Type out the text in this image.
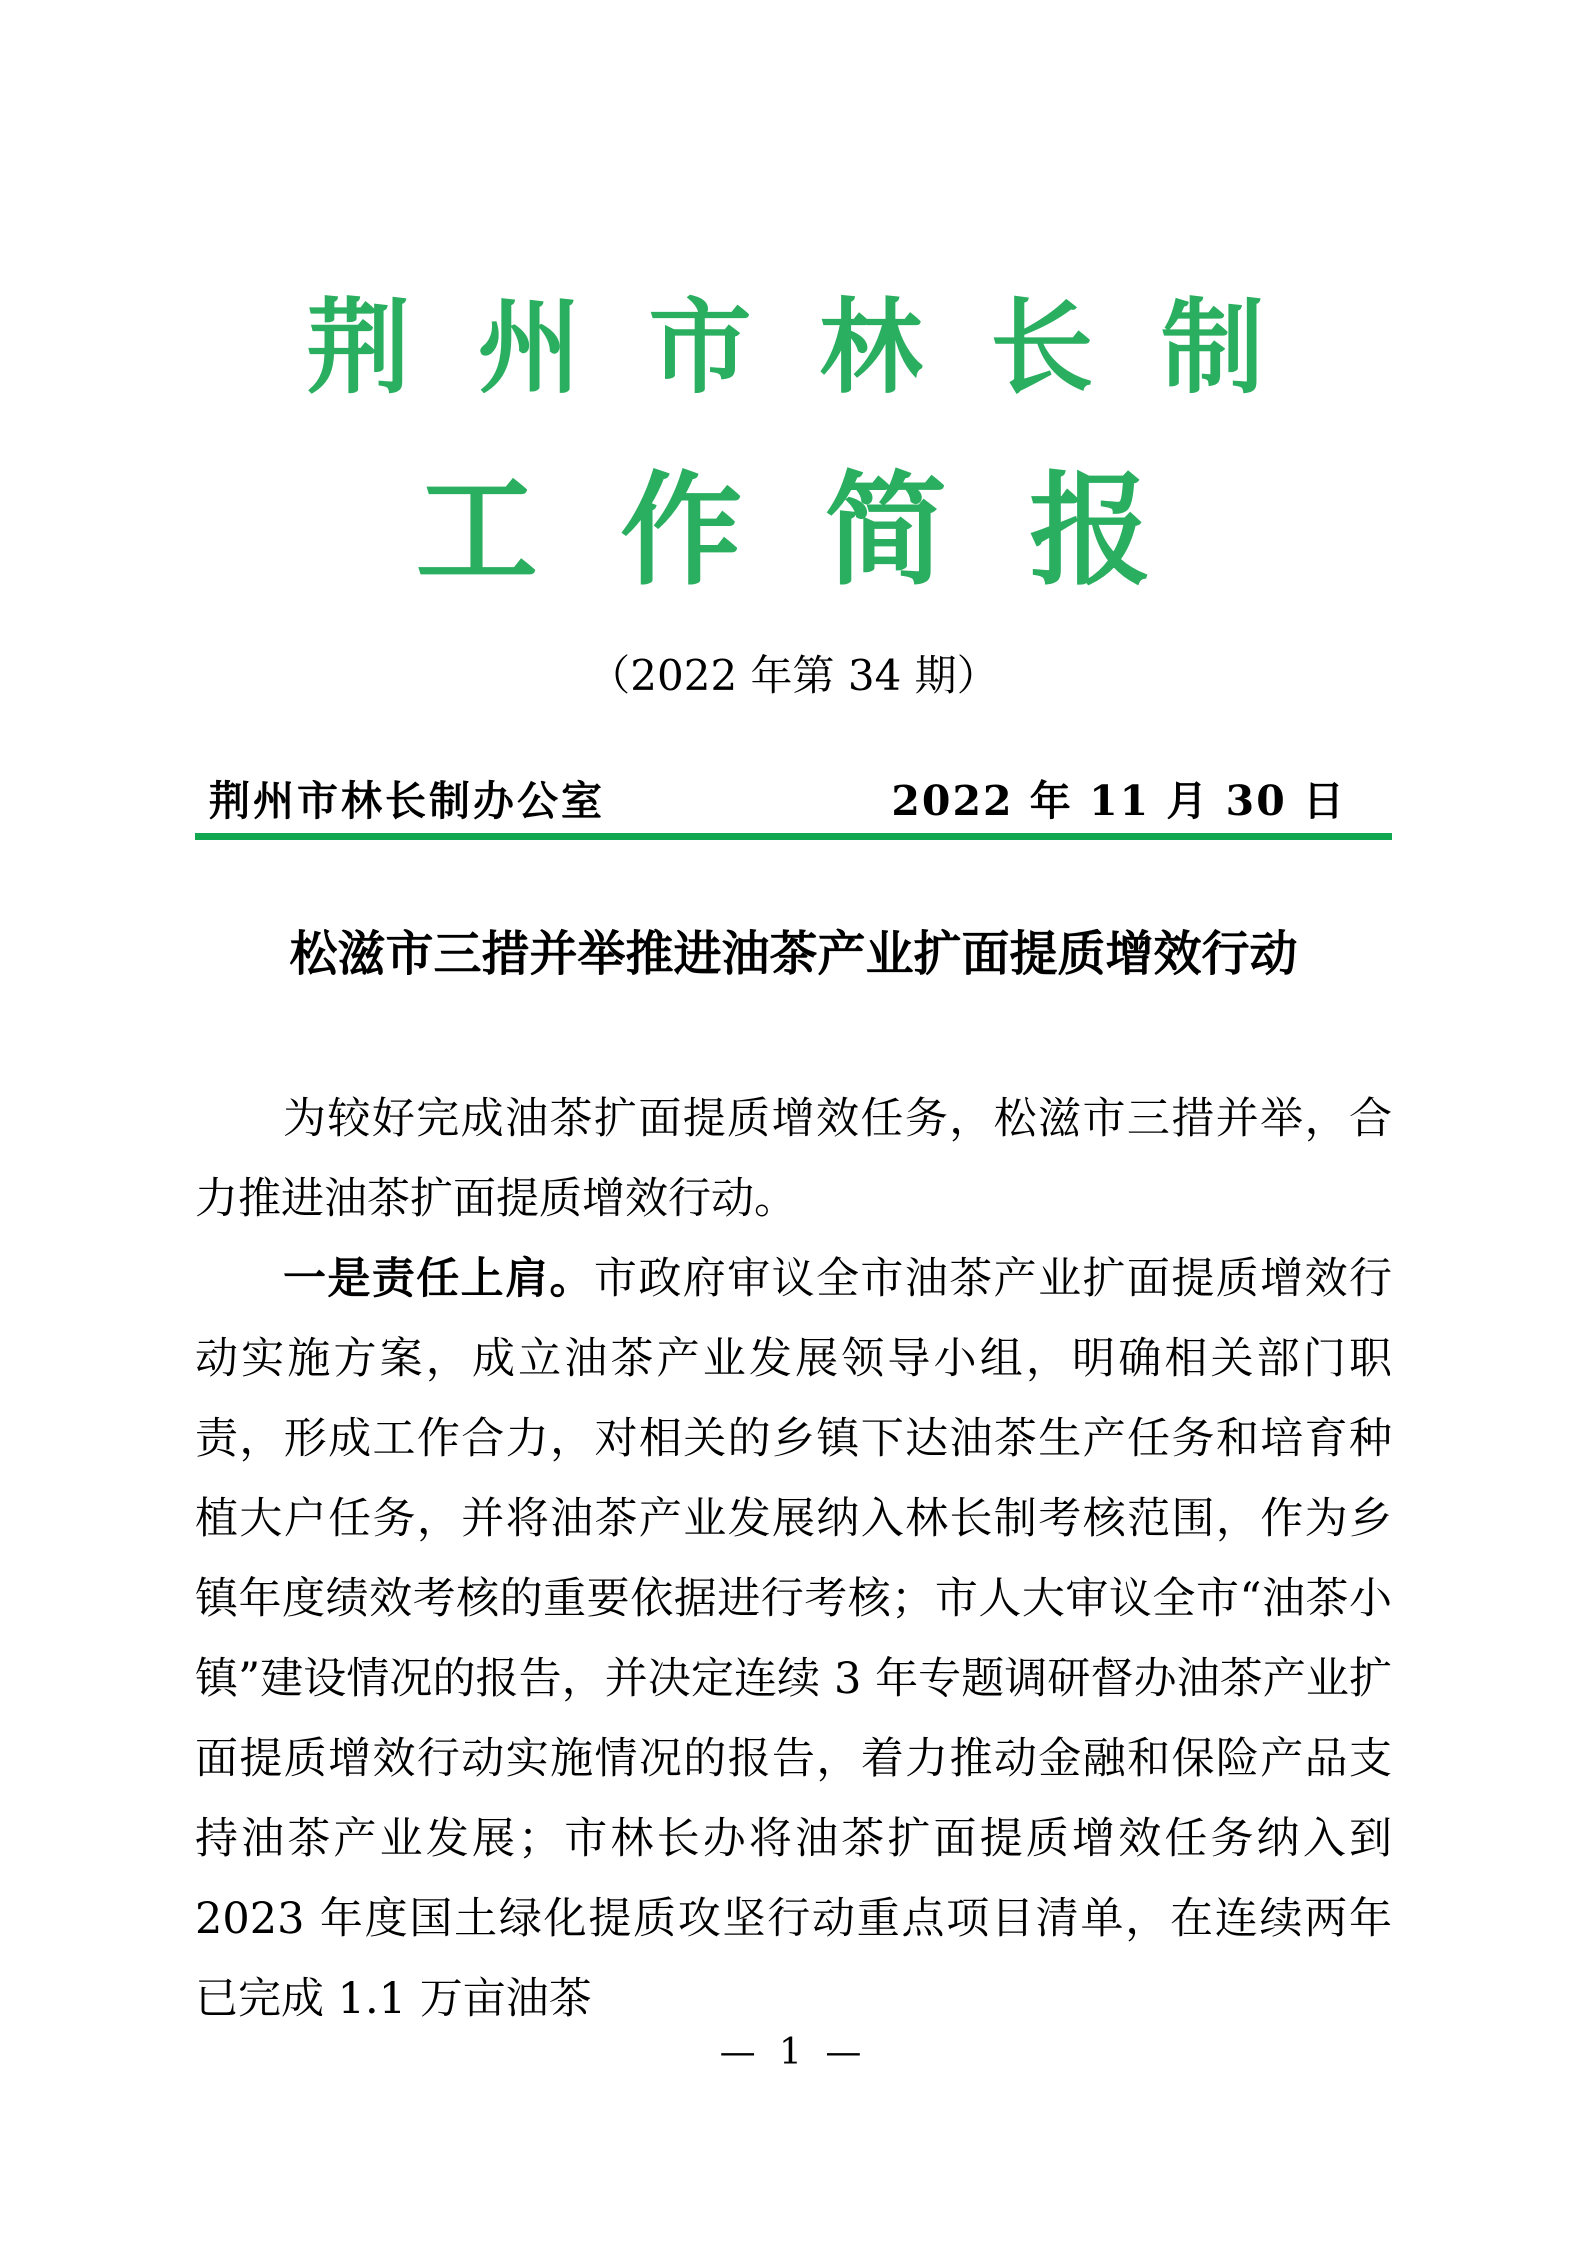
荆 州 市 林 长 制
工 作 简 报
（2022 年第 34 期）
荆州市林长制办公室	2022 年 11 月 30 日
松滋市三措并举推进油茶产业扩面提质增效行动

为较好完成油茶扩面提质增效任务，松滋市三措并举，合力推进油茶扩面提质增效行动。

一是责任上肩。市政府审议全市油茶产业扩面提质增效行动实施方案，成立油茶产业发展领导小组，明确相关部门职责，形成工作合力，对相关的乡镇下达油茶生产任务和培育种植大户任务，并将油茶产业发展纳入林长制考核范围，作为乡镇年度绩效考核的重要依据进行考核；市人大审议全市“油茶小镇”建设情况的报告，并决定连续 3 年专题调研督办油茶产业扩面提质增效行动实施情况的报告，着力推动金融和保险产品支持油茶产业发展；市林长办将油茶扩面提质增效任务纳入到 2023 年度国土绿化提质攻坚行动重点项目清单，在连续两年已完成 1.1 万亩油茶

— 1 —
